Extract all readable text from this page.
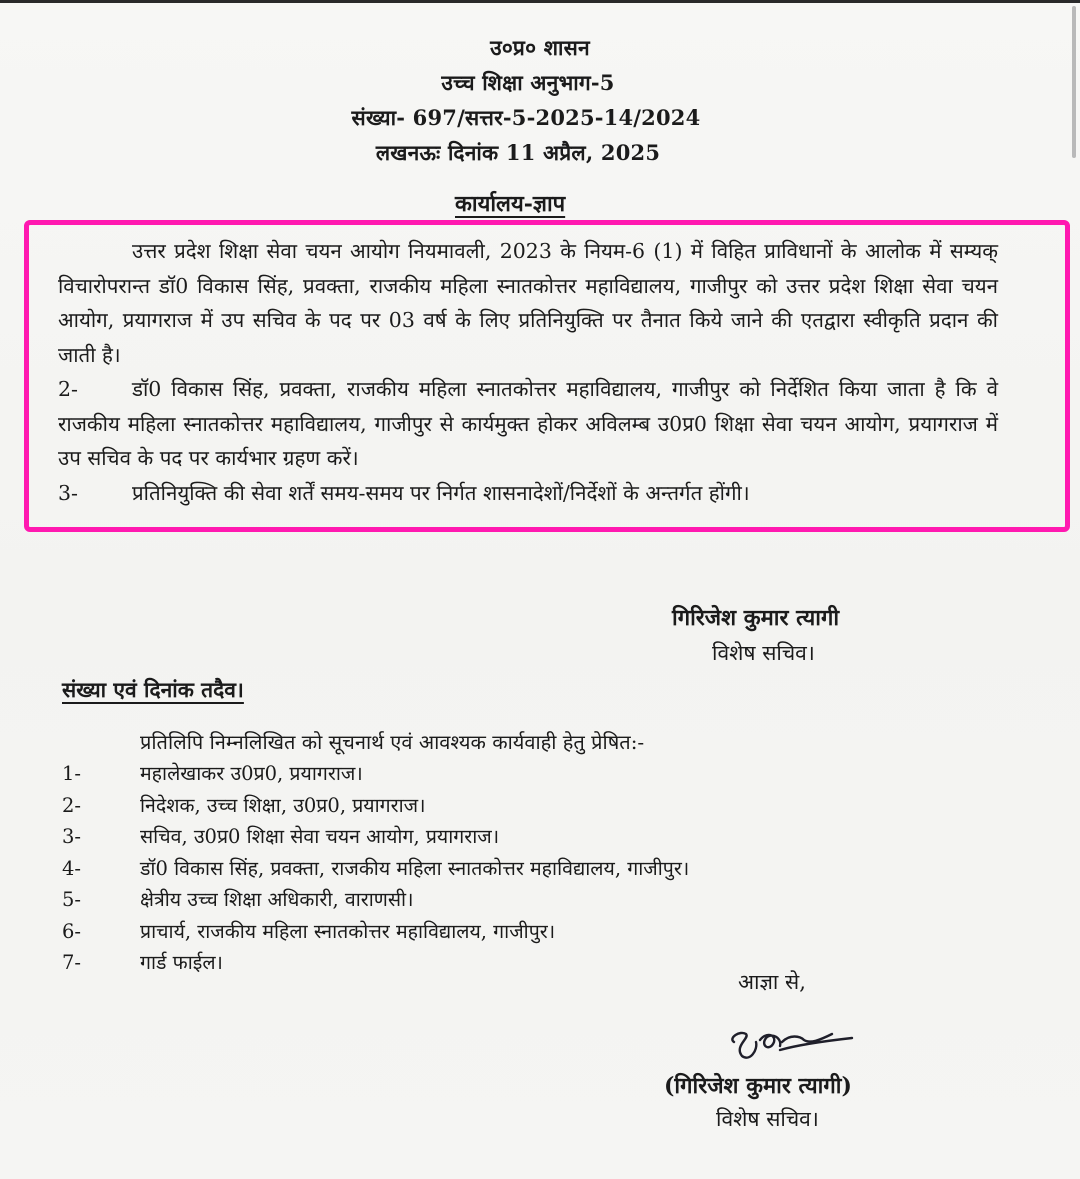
उ०प्र० शासन
उच्च शिक्षा अनुभाग-5
संख्या- 697/सत्तर-5-2025-14/2024
लखनऊः दिनांक 11 अप्रैल, 2025
कार्यालय-ज्ञाप

उत्तर प्रदेश शिक्षा सेवा चयन आयोग नियमावली, 2023 के नियम-6 (1) में विहित प्राविधानों के आलोक में सम्यक् विचारोपरान्त डॉ0 विकास सिंह, प्रवक्ता, राजकीय महिला स्नातकोत्तर महाविद्यालय, गाजीपुर को उत्तर प्रदेश शिक्षा सेवा चयन आयोग, प्रयागराज में उप सचिव के पद पर 03 वर्ष के लिए प्रतिनियुक्ति पर तैनात किये जाने की एतद्वारा स्वीकृति प्रदान की जाती है।

2-	डॉ0 विकास सिंह, प्रवक्ता, राजकीय महिला स्नातकोत्तर महाविद्यालय, गाजीपुर को निर्देशित किया जाता है कि वे राजकीय महिला स्नातकोत्तर महाविद्यालय, गाजीपुर से कार्यमुक्त होकर अविलम्ब उ0प्र0 शिक्षा सेवा चयन आयोग, प्रयागराज में उप सचिव के पद पर कार्यभार ग्रहण करें।

3-	प्रतिनियुक्ति की सेवा शर्तें समय-समय पर निर्गत शासनादेशों/निर्देशों के अन्तर्गत होंगी।

गिरिजेश कुमार त्यागी
विशेष सचिव।
संख्या एवं दिनांक तदैव।
प्रतिलिपि निम्नलिखित को सूचनार्थ एवं आवश्यक कार्यवाही हेतु प्रेषित:-
1-	महालेखाकर उ0प्र0, प्रयागराज।
2-	निदेशक, उच्च शिक्षा, उ0प्र0, प्रयागराज।
3-	सचिव, उ0प्र0 शिक्षा सेवा चयन आयोग, प्रयागराज।
4-	डॉ0 विकास सिंह, प्रवक्ता, राजकीय महिला स्नातकोत्तर महाविद्यालय, गाजीपुर।
5-	क्षेत्रीय उच्च शिक्षा अधिकारी, वाराणसी।
6-	प्राचार्य, राजकीय महिला स्नातकोत्तर महाविद्यालय, गाजीपुर।
7-	गार्ड फाईल।
आज्ञा से,
(गिरिजेश कुमार त्यागी)
विशेष सचिव।
